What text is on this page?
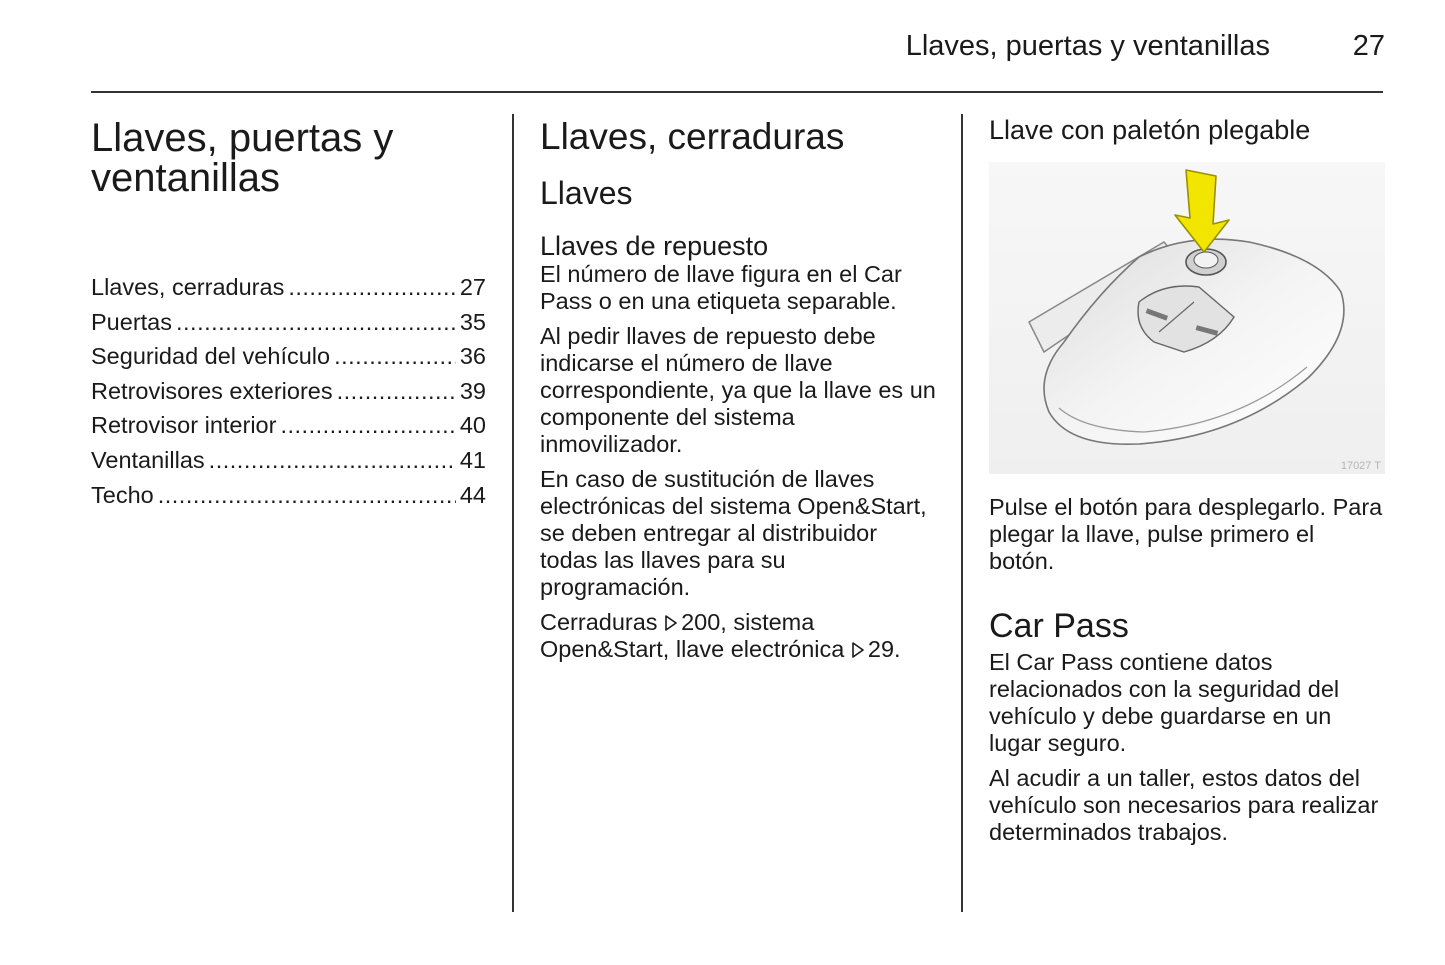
Llaves, puertas y ventanillas	27
Llaves, puertas y
ventanillas
Llaves, cerraduras .....	27
Puertas .....	35
Seguridad del vehículo .....	36
Retrovisores exteriores .....	39
Retrovisor interior .....	40
Ventanillas .....	41
Techo .....	44
Llaves, cerraduras
Llaves
Llaves de repuesto

El número de llave figura en el Car Pass o en una etiqueta separable.

Al pedir llaves de repuesto debe indicarse el número de llave correspondiente, ya que la llave es un componente del sistema inmovilizador.

En caso de sustitución de llaves electrónicas del sistema Open&Start, se deben entregar al distribuidor todas las llaves para su programación.

Cerraduras 200, sistema Open&Start, llave electrónica 29.

Llave con paletón plegable
17027 T

Pulse el botón para desplegarlo. Para plegar la llave, pulse primero el botón.

Car Pass

El Car Pass contiene datos relacionados con la seguridad del vehículo y debe guardarse en un lugar seguro.

Al acudir a un taller, estos datos del vehículo son necesarios para realizar determinados trabajos.
